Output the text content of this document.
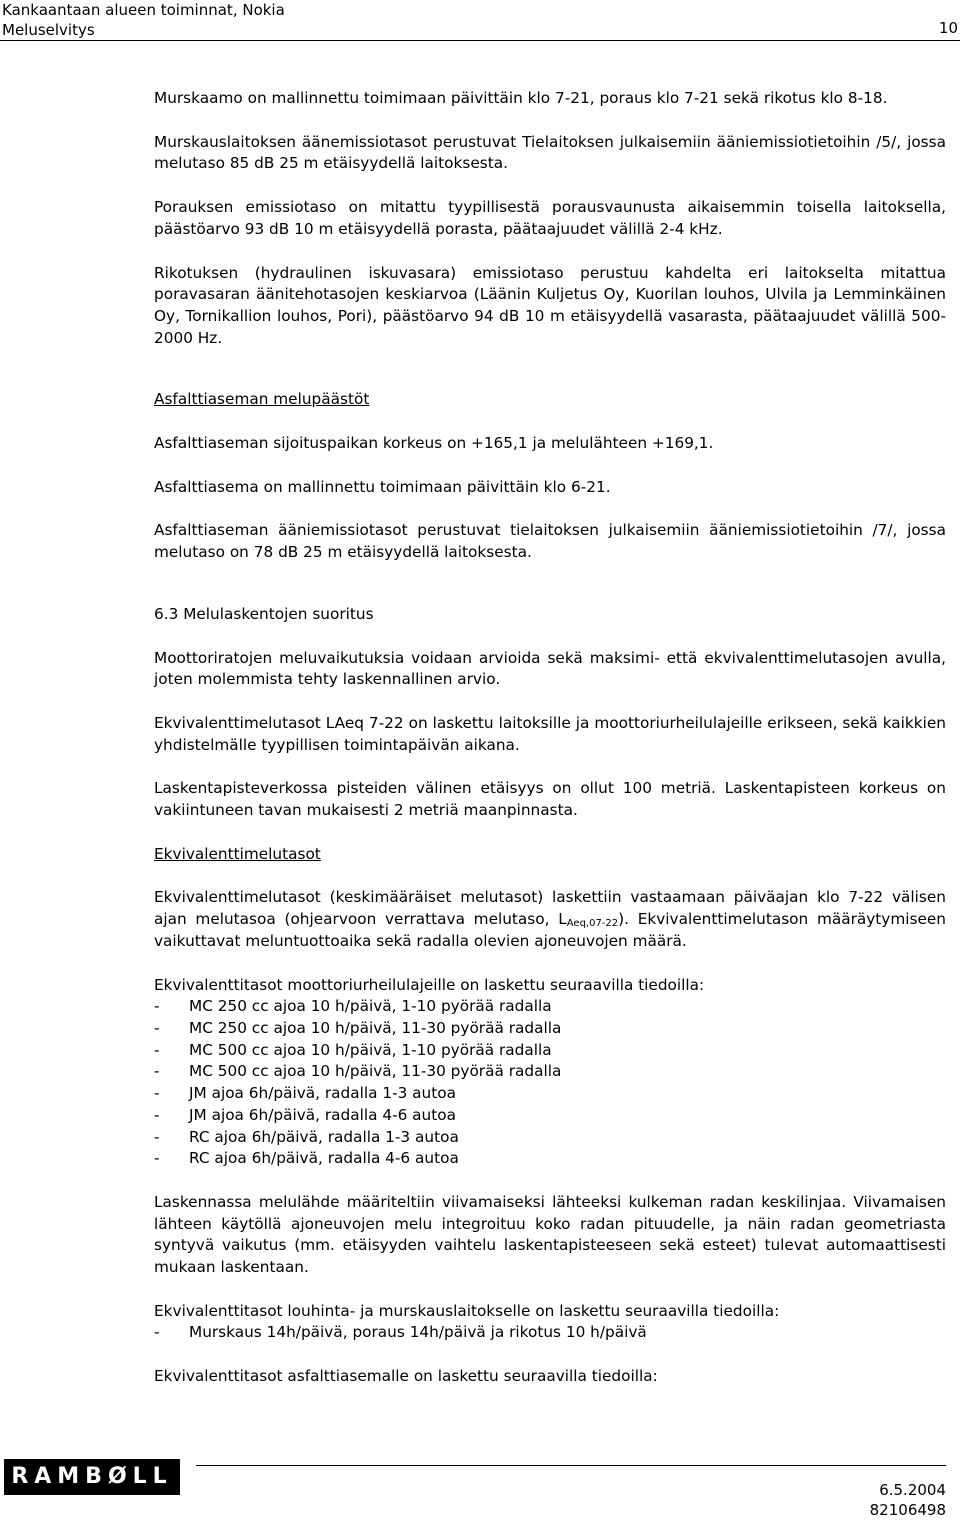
Kankaantaan alueen toiminnat, Nokia
Meluselvitys	10

Murskaamo on mallinnettu toimimaan päivittäin klo 7-21, poraus klo 7-21 sekä rikotus klo 8-18.

Murskauslaitoksen äänemissiotasot perustuvat Tielaitoksen julkaisemiin ääniemissiotietoihin /5/, jossa melutaso 85 dB 25 m etäisyydellä laitoksesta.

Porauksen emissiotaso on mitattu tyypillisestä porausvaunusta aikaisemmin toisella laitoksella, päästöarvo 93 dB 10 m etäisyydellä porasta, päätaajuudet välillä 2-4 kHz.

Rikotuksen (hydraulinen iskuvasara) emissiotaso perustuu kahdelta eri laitokselta mitattua poravasaran äänitehotasojen keskiarvoa (Läänin Kuljetus Oy, Kuorilan louhos, Ulvila ja Lemminkäinen Oy, Tornikallion louhos, Pori), päästöarvo 94 dB 10 m etäisyydellä vasarasta, päätaajuudet välillä 500-2000 Hz.

Asfalttiaseman melupäästöt

Asfalttiaseman sijoituspaikan korkeus on +165,1 ja melulähteen +169,1.

Asfalttiasema on mallinnettu toimimaan päivittäin klo 6-21.

Asfalttiaseman ääniemissiotasot perustuvat tielaitoksen julkaisemiin ääniemissiotietoihin /7/, jossa melutaso on 78 dB 25 m etäisyydellä laitoksesta.

6.3 Melulaskentojen suoritus

Moottoriratojen meluvaikutuksia voidaan arvioida sekä maksimi- että ekvivalenttimelutasojen avulla, joten molemmista tehty laskennallinen arvio.

Ekvivalenttimelutasot LAeq 7-22 on laskettu laitoksille ja moottoriurheilulajeille erikseen, sekä kaikkien yhdistelmälle tyypillisen toimintapäivän aikana.

Laskentapisteverkossa pisteiden välinen etäisyys on ollut 100 metriä. Laskentapisteen korkeus on vakiintuneen tavan mukaisesti 2 metriä maanpinnasta.

Ekvivalenttimelutasot

Ekvivalenttimelutasot (keskimääräiset melutasot) laskettiin vastaamaan päiväajan klo 7-22 välisen ajan melutasoa (ohjearvoon verrattava melutaso, $L_{Aeq,07-22}$). Ekvivalenttimelutason määräytymiseen vaikuttavat meluntuottoaika sekä radalla olevien ajoneuvojen määrä.

Ekvivalenttitasot moottoriurheilulajeille on laskettu seuraavilla tiedoilla:

- MC 250 cc ajoa 10 h/päivä, 1-10 pyörää radalla
- MC 250 cc ajoa 10 h/päivä, 11-30 pyörää radalla
- MC 500 cc ajoa 10 h/päivä, 1-10 pyörää radalla
- MC 500 cc ajoa 10 h/päivä, 11-30 pyörää radalla
- JM ajoa 6h/päivä, radalla 1-3 autoa
- JM ajoa 6h/päivä, radalla 4-6 autoa
- RC ajoa 6h/päivä, radalla 1-3 autoa
- RC ajoa 6h/päivä, radalla 4-6 autoa

Laskennassa melulähde määriteltiin viivamaiseksi lähteeksi kulkeman radan keskilinjaa. Viivamaisen lähteen käytöllä ajoneuvojen melu integroituu koko radan pituudelle, ja näin radan geometriasta syntyvä vaikutus (mm. etäisyyden vaihtelu laskentapisteeseen sekä esteet) tulevat automaattisesti mukaan laskentaan.

Ekvivalenttitasot louhinta- ja murskauslaitokselle on laskettu seuraavilla tiedoilla:

- Murskaus 14h/päivä, poraus 14h/päivä ja rikotus 10 h/päivä

Ekvivalenttitasot asfalttiasemalle on laskettu seuraavilla tiedoilla:

RAMBØLL
6.5.2004
82106498
